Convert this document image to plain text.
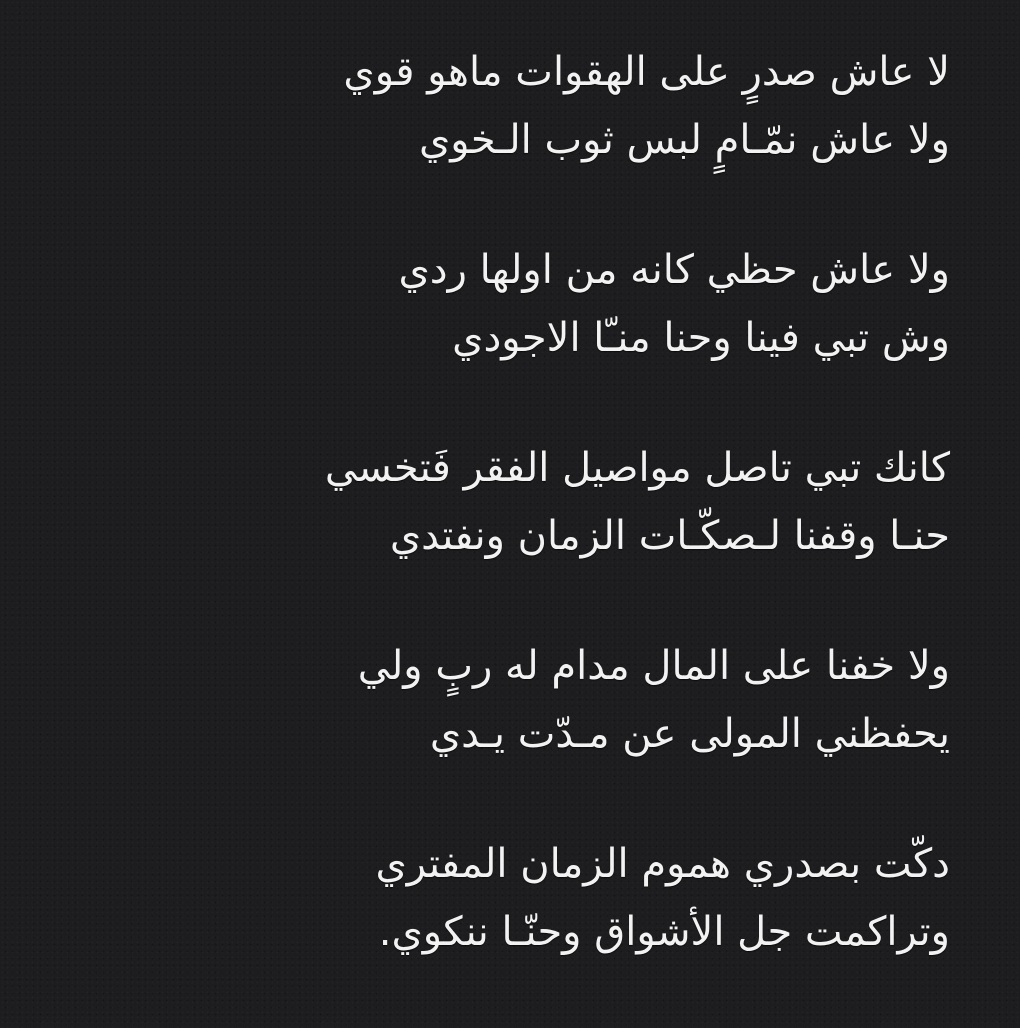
لا عاش صدرٍ على الهقوات ماهو قوي
ولا عاش نمّـامٍ لبس ثوب الـخوي
ولا عاش حظي كانه من اولها ردي
وش تبي فينا وحنا منـّا الاجودي
كانك تبي تاصل مواصيل الفقر فَتخسي
حنـا وقفنا لـصكّـات الزمان ونفتدي
ولا خفنا على المال مدام له ربٍ ولي
يحفظني المولى عن مـدّت يـدي
دكّت بصدري هموم الزمان المفتري
وتراكمت جل الأشواق وحنّـا ننكوي.
